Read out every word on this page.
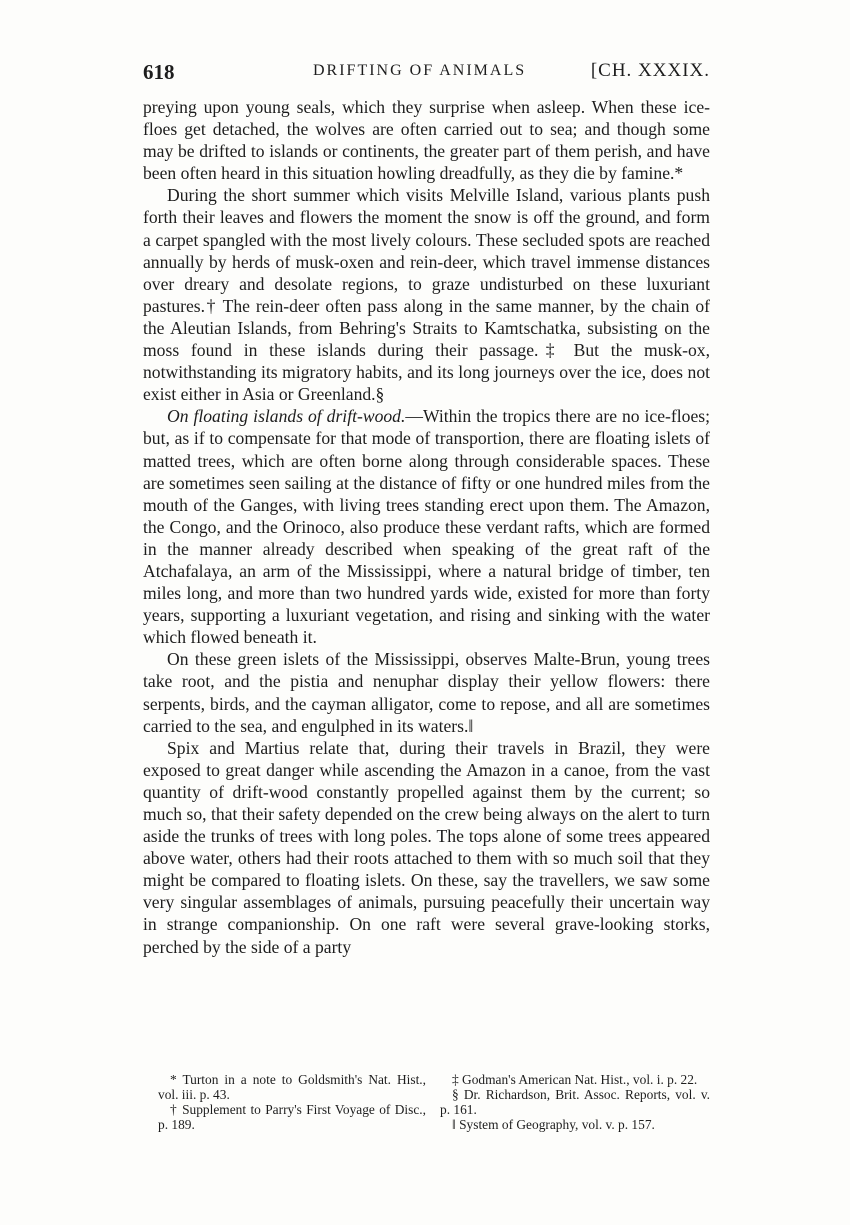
618	DRIFTING OF ANIMALS	[CH. XXXIX.

preying upon young seals, which they surprise when asleep. When these ice-floes get detached, the wolves are often carried out to sea; and though some may be drifted to islands or continents, the greater part of them perish, and have been often heard in this situation howling dreadfully, as they die by famine.*

During the short summer which visits Melville Island, various plants push forth their leaves and flowers the moment the snow is off the ground, and form a carpet spangled with the most lively colours. These secluded spots are reached annually by herds of musk-oxen and rein-deer, which travel immense distances over dreary and desolate regions, to graze undisturbed on these luxuriant pastures.† The rein-deer often pass along in the same manner, by the chain of the Aleutian Islands, from Behring's Straits to Kamtschatka, subsisting on the moss found in these islands during their passage.‡ But the musk-ox, notwithstanding its migratory habits, and its long journeys over the ice, does not exist either in Asia or Greenland.§

On floating islands of drift-wood.—Within the tropics there are no ice-floes; but, as if to compensate for that mode of transportion, there are floating islets of matted trees, which are often borne along through considerable spaces. These are sometimes seen sailing at the distance of fifty or one hundred miles from the mouth of the Ganges, with living trees standing erect upon them. The Amazon, the Congo, and the Orinoco, also produce these verdant rafts, which are formed in the manner already described when speaking of the great raft of the Atchafalaya, an arm of the Mississippi, where a natural bridge of timber, ten miles long, and more than two hundred yards wide, existed for more than forty years, supporting a luxuriant vegetation, and rising and sinking with the water which flowed beneath it.

On these green islets of the Mississippi, observes Malte-Brun, young trees take root, and the pistia and nenuphar display their yellow flowers: there serpents, birds, and the cayman alligator, come to repose, and all are sometimes carried to the sea, and engulphed in its waters.‖

Spix and Martius relate that, during their travels in Brazil, they were exposed to great danger while ascending the Amazon in a canoe, from the vast quantity of drift-wood constantly propelled against them by the current; so much so, that their safety depended on the crew being always on the alert to turn aside the trunks of trees with long poles. The tops alone of some trees appeared above water, others had their roots attached to them with so much soil that they might be compared to floating islets. On these, say the travellers, we saw some very singular assemblages of animals, pursuing peacefully their uncertain way in strange companionship. On one raft were several grave-looking storks, perched by the side of a party

* Turton in a note to Goldsmith's Nat. Hist., vol. iii. p. 43.

† Supplement to Parry's First Voyage of Disc., p. 189.

‡ Godman's American Nat. Hist., vol. i. p. 22.

§ Dr. Richardson, Brit. Assoc. Reports, vol. v. p. 161.

‖ System of Geography, vol. v. p. 157.
